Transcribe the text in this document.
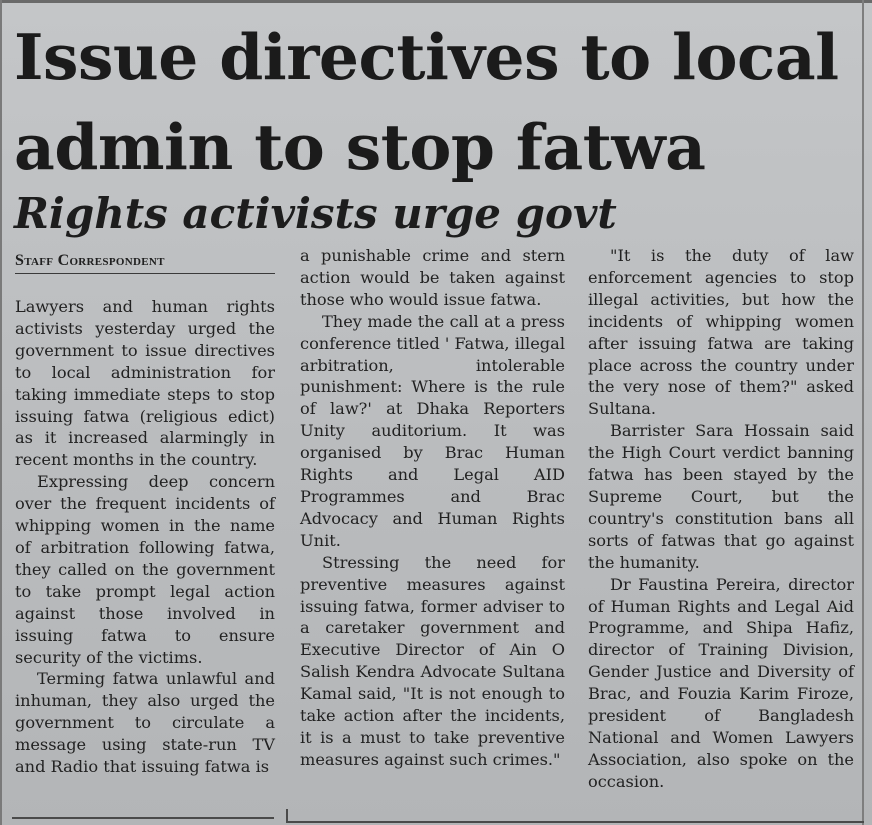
Issue directives to local
admin to stop fatwa
Rights activists urge govt
Staff Correspondent

Lawyers and human rights activists yesterday urged the government to issue directives to local administration for taking immediate steps to stop issuing fatwa (religious edict) as it increased alarmingly in recent months in the country.

Expressing deep concern over the frequent incidents of whipping women in the name of arbitration following fatwa, they called on the government to take prompt legal action against those involved in issuing fatwa to ensure security of the victims.

Terming fatwa unlawful and inhuman, they also urged the government to circulate a message using state-run TV and Radio that issuing fatwa is

a punishable crime and stern action would be taken against those who would issue fatwa.

They made the call at a press conference titled ' Fatwa, illegal arbitration, intolerable punishment: Where is the rule of law?' at Dhaka Reporters Unity auditorium. It was organised by Brac Human Rights and Legal AID Programmes and Brac Advocacy and Human Rights Unit.

Stressing the need for preventive measures against issuing fatwa, former adviser to a caretaker government and Executive Director of Ain O Salish Kendra Advocate Sultana Kamal said, "It is not enough to take action after the incidents, it is a must to take preventive measures against such crimes."

"It is the duty of law enforcement agencies to stop illegal activities, but how the incidents of whipping women after issuing fatwa are taking place across the country under the very nose of them?" asked Sultana.

Barrister Sara Hossain said the High Court verdict banning fatwa has been stayed by the Supreme Court, but the country's constitution bans all sorts of fatwas that go against the humanity.

Dr Faustina Pereira, director of Human Rights and Legal Aid Programme, and Shipa Hafiz, director of Training Division, Gender Justice and Diversity of Brac, and Fouzia Karim Firoze, president of Bangladesh National and Women Lawyers Association, also spoke on the occasion.
